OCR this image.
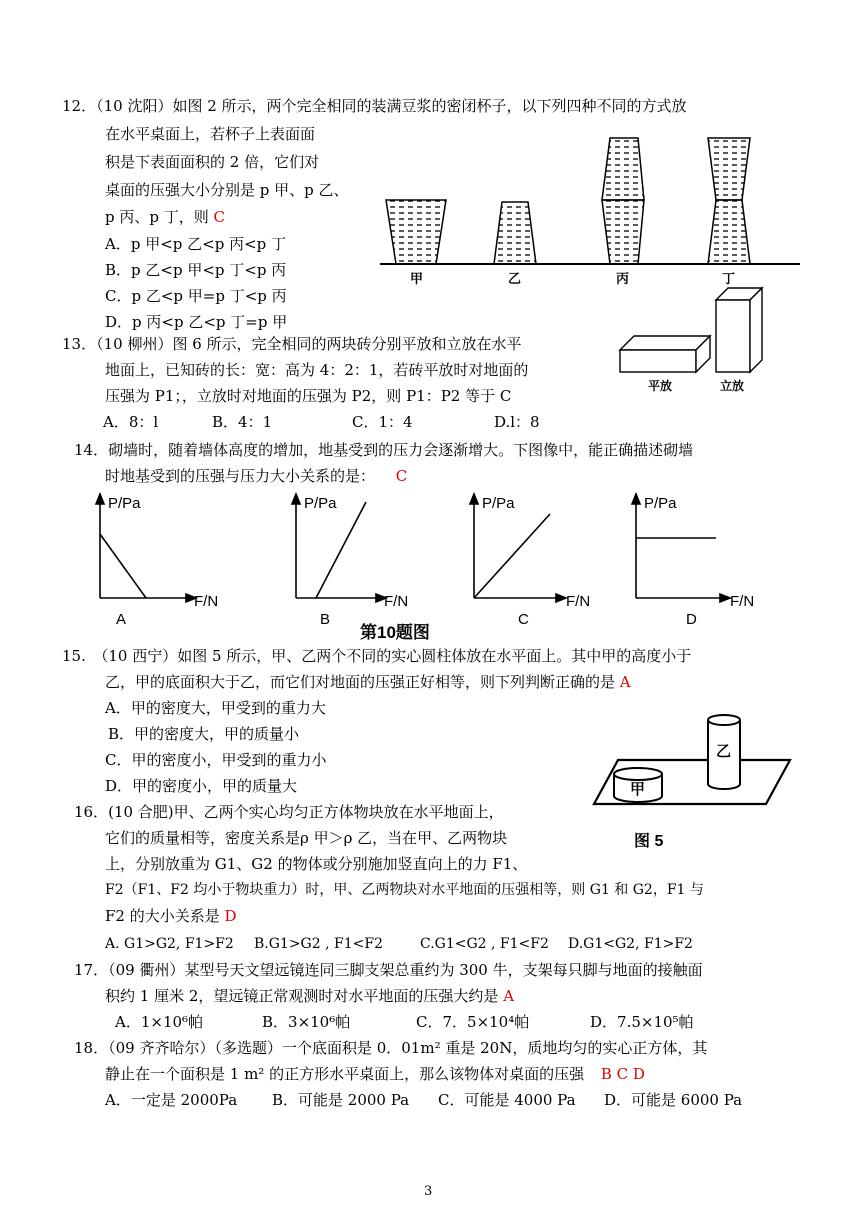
12．（10 沈阳）如图 2 所示，两个完全相同的装满豆浆的密闭杯子，以下列四种不同的方式放
在水平桌面上，若杯子上表面面
积是下表面面积的 2 倍，它们对
桌面的压强大小分别是 p 甲、p 乙、
p 丙、p 丁，则 C
A．p 甲<p 乙<p 丙<p 丁
B．p 乙<p 甲<p 丁<p 丙
C．p 乙<p 甲=p 丁<p 丙
D．p 丙<p 乙<p 丁=p 甲
甲	乙	丙	丁
13．（10 柳州）图 6 所示，完全相同的两块砖分别平放和立放在水平
地面上，已知砖的长：宽：高为 4：2：1，若砖平放时对地面的
压强为 P1；，立放时对地面的压强为 P2，则 P1：P2 等于 C
A．8：l	B．4：1	C．1：4	D.l：8
平放	立放
14．砌墙时，随着墙体高度的增加，地基受到的压力会逐渐增大。下图像中，能正确描述砌墙
时地基受到的压强与压力大小关系的是： C
P/Pa
F/N
A
P/Pa
F/N
B
P/Pa
F/N
C
P/Pa
F/N
D
第10题图
15.　（10 西宁）如图 5 所示，甲、乙两个不同的实心圆柱体放在水平面上。其中甲的高度小于
乙，甲的底面积大于乙，而它们对地面的压强正好相等，则下列判断正确的是 A
A．甲的密度大，甲受到的重力大
B．甲的密度大，甲的质量小
C．甲的密度小，甲受到的重力小
D．甲的密度小，甲的质量大	甲
乙
图 5
16．(10 合肥)甲、乙两个实心均匀正方体物块放在水平地面上，
它们的质量相等，密度关系是ρ 甲＞ρ 乙，当在甲、乙两物块
上，分别放重为 G1、G2 的物体或分别施加竖直向上的力 F1、
F2（F1、F2 均小于物块重力）时，甲、乙两物块对水平地面的压强相等，则 G1 和 G2，F1 与
F2 的大小关系是 D
A. G1>G2, F1>F2 B.G1>G2 , F1<F2	C.G1<G2 , F1<F2 D.G1<G2, F1>F2
17．（09 衢州）某型号天文望远镜连同三脚支架总重约为 300 牛，支架每只脚与地面的接触面
积约 1 厘米 2，望远镜正常观测时对水平地面的压强大约是 A
A．1×10⁶帕	B．3×10⁶帕	C．7．5×10⁴帕	D．7.5×10⁵帕
18．（09 齐齐哈尔）（多选题）一个底面积是 0．01m² 重是 20N，质地均匀的实心正方体，其
静止在一个面积是 1 m² 的正方形水平桌面上，那么该物体对桌面的压强 B C D
A．一定是 2000Pa B．可能是 2000 Pa C．可能是 4000 Pa D．可能是 6000 Pa
3
